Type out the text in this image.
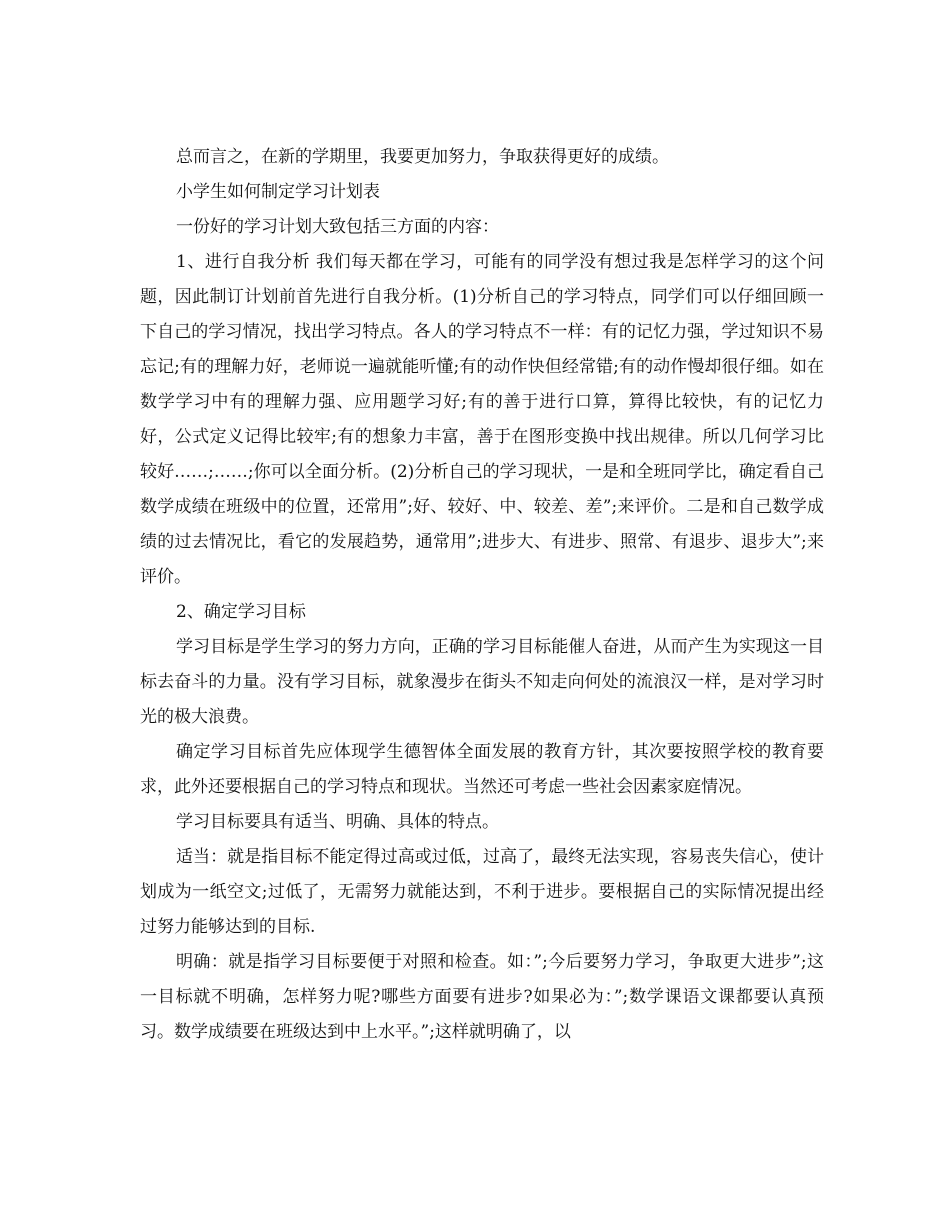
总而言之，在新的学期里，我要更加努力，争取获得更好的成绩。

小学生如何制定学习计划表

一份好的学习计划大致包括三方面的内容：

1、进行自我分析 我们每天都在学习，可能有的同学没有想过我是怎样学习的这个问题，因此制订计划前首先进行自我分析。(1)分析自己的学习特点，同学们可以仔细回顾一下自己的学习情况，找出学习特点。各人的学习特点不一样：有的记忆力强，学过知识不易忘记;有的理解力好，老师说一遍就能听懂;有的动作快但经常错;有的动作慢却很仔细。如在数学学习中有的理解力强、应用题学习好;有的善于进行口算，算得比较快，有的记忆力好，公式定义记得比较牢;有的想象力丰富，善于在图形变换中找出规律。所以几何学习比较好……;……;你可以全面分析。(2)分析自己的学习现状，一是和全班同学比，确定看自己数学成绩在班级中的位置，还常用”;好、较好、中、较差、差”;来评价。二是和自己数学成绩的过去情况比，看它的发展趋势，通常用”;进步大、有进步、照常、有退步、退步大”;来评价。

2、确定学习目标

学习目标是学生学习的努力方向，正确的学习目标能催人奋进，从而产生为实现这一目标去奋斗的力量。没有学习目标，就象漫步在街头不知走向何处的流浪汉一样，是对学习时光的极大浪费。

确定学习目标首先应体现学生德智体全面发展的教育方针，其次要按照学校的教育要求，此外还要根据自己的学习特点和现状。当然还可考虑一些社会因素家庭情况。

学习目标要具有适当、明确、具体的特点。

适当：就是指目标不能定得过高或过低，过高了，最终无法实现，容易丧失信心，使计划成为一纸空文;过低了，无需努力就能达到，不利于进步。要根据自己的实际情况提出经过努力能够达到的目标.

明确：就是指学习目标要便于对照和检查。如：”;今后要努力学习，争取更大进步”;这一目标就不明确，怎样努力呢?哪些方面要有进步?如果必为：”;数学课语文课都要认真预习。数学成绩要在班级达到中上水平。”;这样就明确了，以
